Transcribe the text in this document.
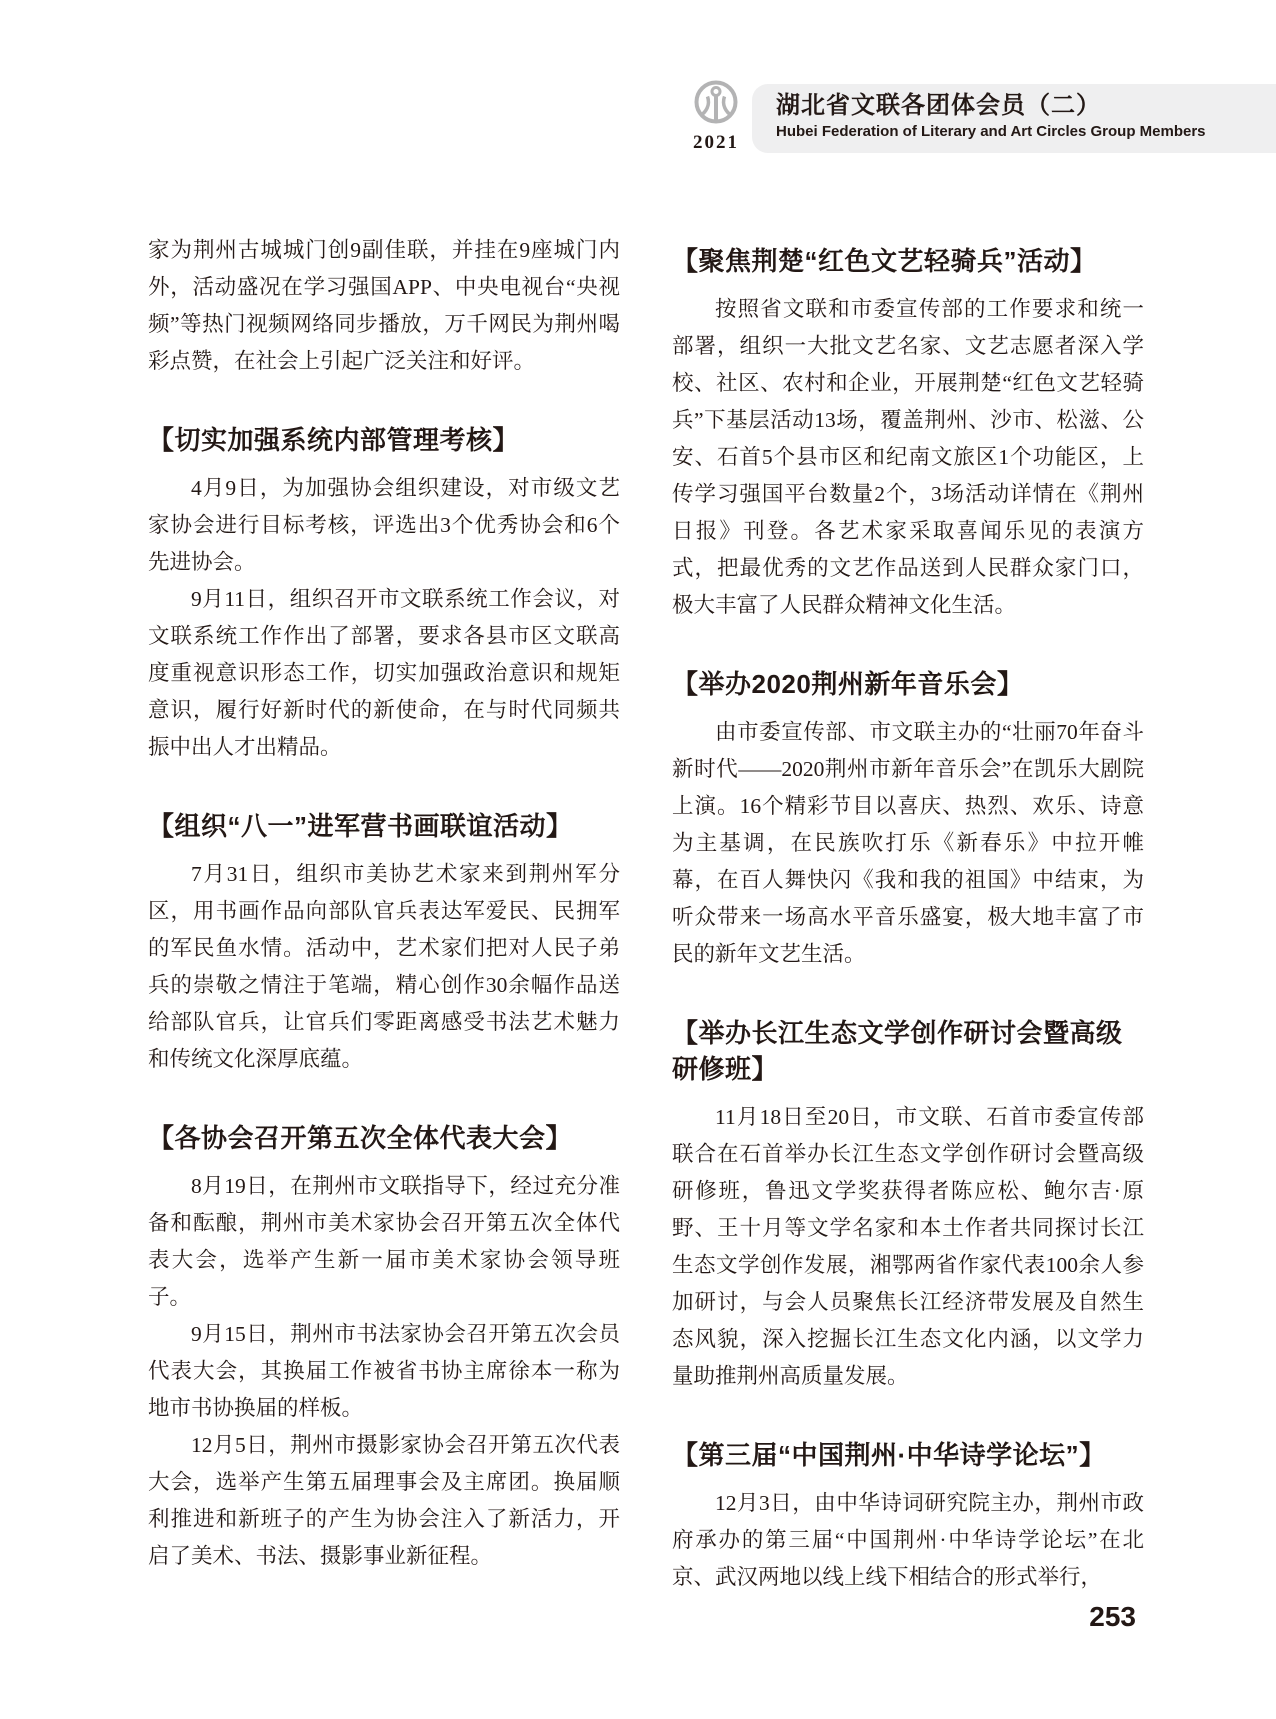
2021
湖北省文联各团体会员（二）
Hubei Federation of Literary and Art Circles Group Members

家为荆州古城城门创9副佳联，并挂在9座城门内外，活动盛况在学习强国APP、中央电视台“央视频”等热门视频网络同步播放，万千网民为荆州喝彩点赞，在社会上引起广泛关注和好评。

【切实加强系统内部管理考核】

4月9日，为加强协会组织建设，对市级文艺家协会进行目标考核，评选出3个优秀协会和6个先进协会。

9月11日，组织召开市文联系统工作会议，对文联系统工作作出了部署，要求各县市区文联高度重视意识形态工作，切实加强政治意识和规矩意识，履行好新时代的新使命，在与时代同频共振中出人才出精品。

【组织“八一”进军营书画联谊活动】

7月31日，组织市美协艺术家来到荆州军分区，用书画作品向部队官兵表达军爱民、民拥军的军民鱼水情。活动中，艺术家们把对人民子弟兵的崇敬之情注于笔端，精心创作30余幅作品送给部队官兵，让官兵们零距离感受书法艺术魅力和传统文化深厚底蕴。

【各协会召开第五次全体代表大会】

8月19日，在荆州市文联指导下，经过充分准备和酝酿，荆州市美术家协会召开第五次全体代表大会，选举产生新一届市美术家协会领导班子。

9月15日，荆州市书法家协会召开第五次会员代表大会，其换届工作被省书协主席徐本一称为地市书协换届的样板。

12月5日，荆州市摄影家协会召开第五次代表大会，选举产生第五届理事会及主席团。换届顺利推进和新班子的产生为协会注入了新活力，开启了美术、书法、摄影事业新征程。

【聚焦荆楚“红色文艺轻骑兵”活动】

按照省文联和市委宣传部的工作要求和统一部署，组织一大批文艺名家、文艺志愿者深入学校、社区、农村和企业，开展荆楚“红色文艺轻骑兵”下基层活动13场，覆盖荆州、沙市、松滋、公安、石首5个县市区和纪南文旅区1个功能区，上传学习强国平台数量2个，3场活动详情在《荆州日报》刊登。各艺术家采取喜闻乐见的表演方式，把最优秀的文艺作品送到人民群众家门口，极大丰富了人民群众精神文化生活。

【举办2020荆州新年音乐会】

由市委宣传部、市文联主办的“壮丽70年奋斗新时代——2020荆州市新年音乐会”在凯乐大剧院上演。16个精彩节目以喜庆、热烈、欢乐、诗意为主基调，在民族吹打乐《新春乐》中拉开帷幕，在百人舞快闪《我和我的祖国》中结束，为听众带来一场高水平音乐盛宴，极大地丰富了市民的新年文艺生活。

【举办长江生态文学创作研讨会暨高级研修班】

11月18日至20日，市文联、石首市委宣传部联合在石首举办长江生态文学创作研讨会暨高级研修班，鲁迅文学奖获得者陈应松、鲍尔吉·原野、王十月等文学名家和本土作者共同探讨长江生态文学创作发展，湘鄂两省作家代表100余人参加研讨，与会人员聚焦长江经济带发展及自然生态风貌，深入挖掘长江生态文化内涵，以文学力量助推荆州高质量发展。

【第三届“中国荆州·中华诗学论坛”】

12月3日，由中华诗词研究院主办，荆州市政府承办的第三届“中国荆州·中华诗学论坛”在北京、武汉两地以线上线下相结合的形式举行，

253
